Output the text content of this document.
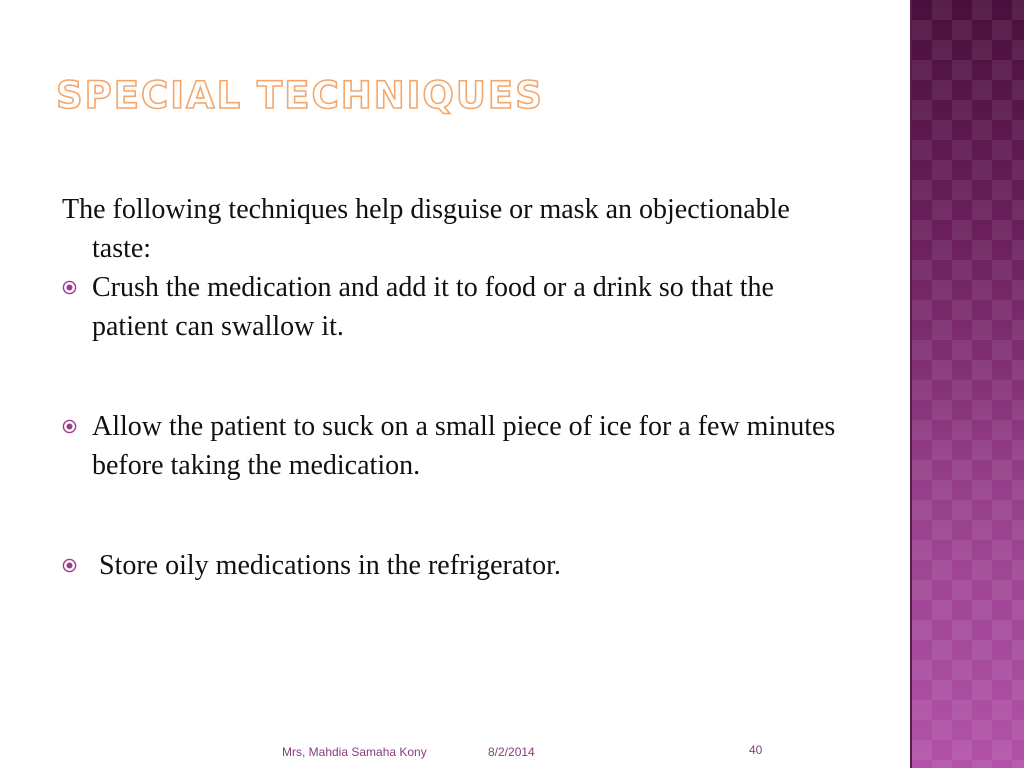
SPECIAL TECHNIQUES

The following techniques help disguise or mask an objectionable taste:

Crush the medication and add it to food or a drink so that the patient can swallow it.
Allow the patient to suck on a small piece of ice for a few minutes before taking the medication.
Store oily medications in the refrigerator.
Mrs, Mahdia Samaha Kony	8/2/2014	40
